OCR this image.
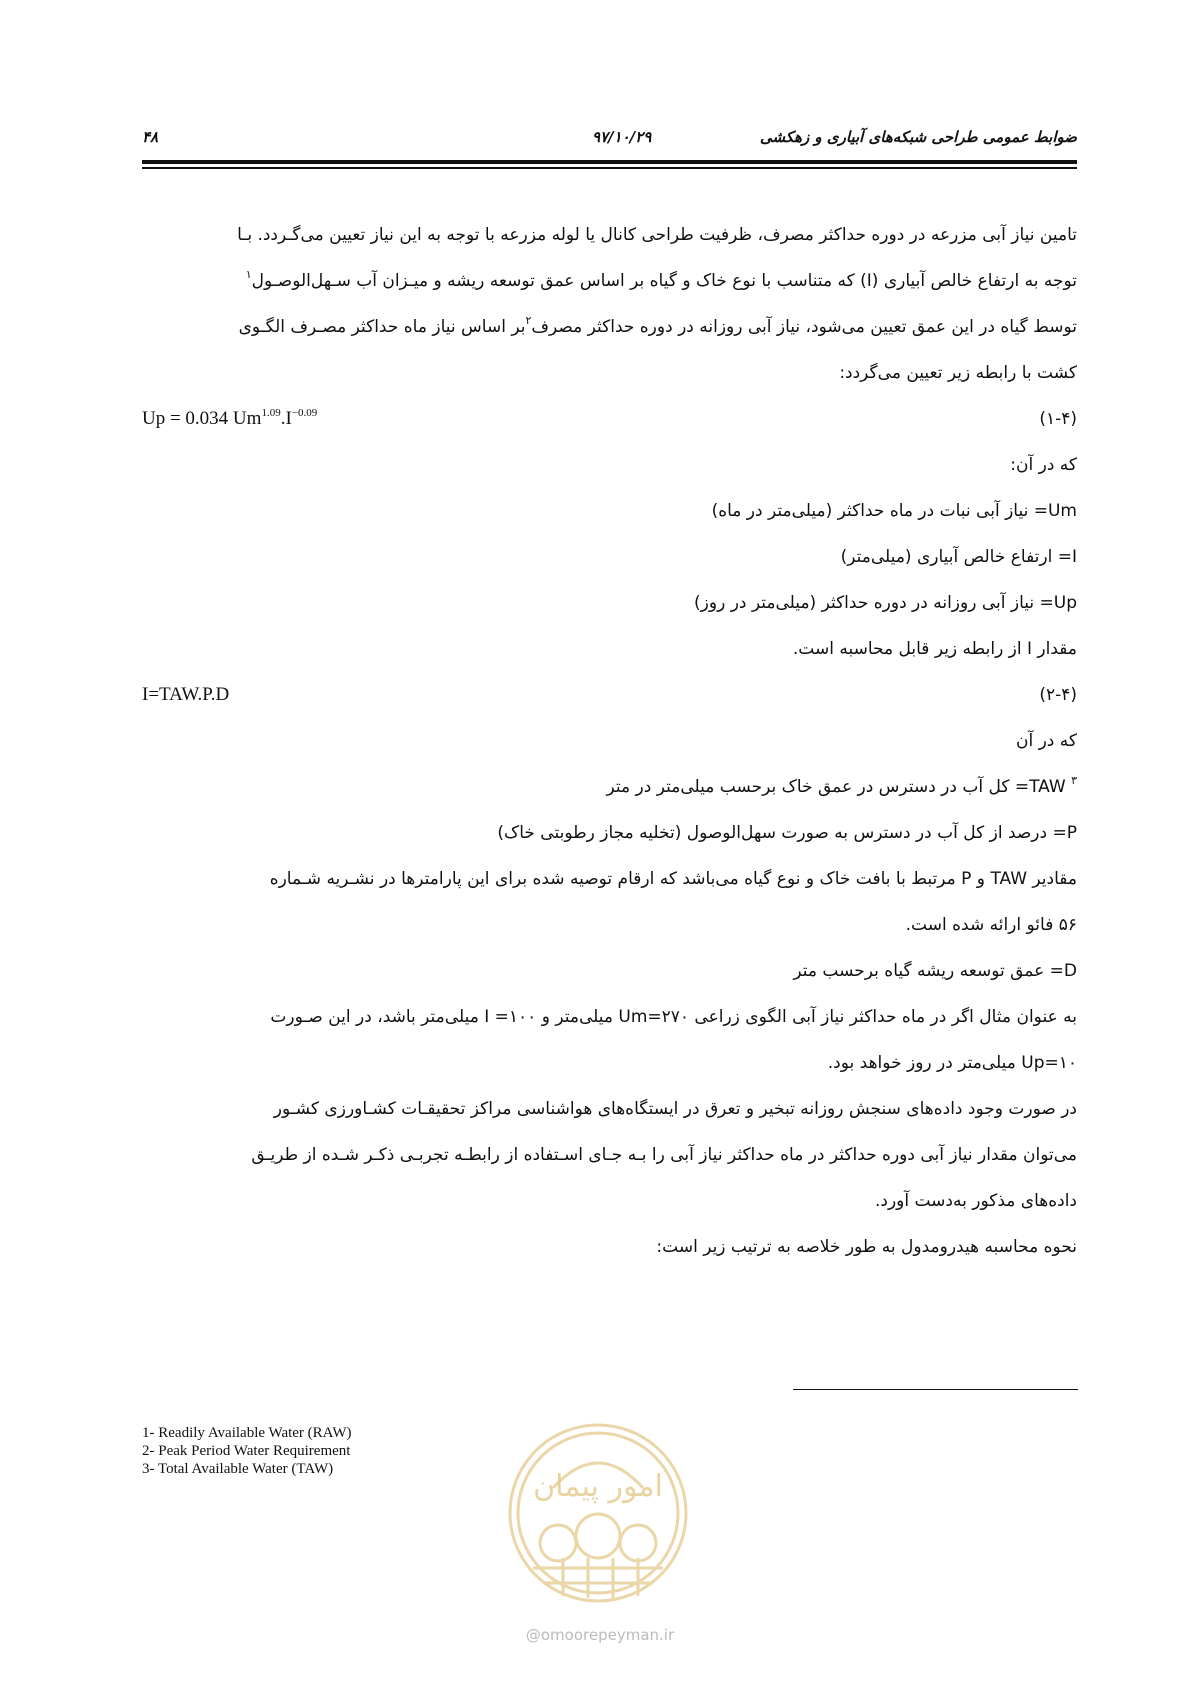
ضوابط عمومی طراحی شبکه‌های آبیاری و زهکشی
۹۷/۱۰/۲۹
۴۸
تامین نیاز آبی مزرعه در دوره حداکثر مصرف، ظرفیت طراحی کانال یا لوله مزرعه با توجه به این نیاز تعیین می‌گـردد. بـا
توجه به ارتفاع خالص آبیاری (I) که متناسب با نوع خاک و گیاه بر اساس عمق توسعه ریشه و میـزان آب سـهل‌الوصـول$^۱$
توسط گیاه در این عمق تعیین می‌شود، نیاز آبی روزانه در دوره حداکثر مصرف$^۲$بر اساس نیاز ماه حداکثر مصـرف الگـوی
کشت با رابطه زیر تعیین می‌گردد:
Up = 0.034 $Um^{1.09}.I^{-0.09}$	(۱-۴)
که در آن:
Um= نیاز آبی نبات در ماه حداکثر (میلی‌متر در ماه)
I= ارتفاع خالص آبیاری (میلی‌متر)
Up= نیاز آبی روزانه در دوره حداکثر (میلی‌متر در روز)
مقدار I از رابطه زیر قابل محاسبه است.
I=TAW.P.D	(۲-۴)
که در آن
TAW $^۳$= کل آب در دسترس در عمق خاک برحسب میلی‌متر در متر
P= درصد از کل آب در دسترس به صورت سهل‌الوصول (تخلیه مجاز رطوبتی خاک)
مقادیر TAW و P مرتبط با بافت خاک و نوع گیاه می‌باشد که ارقام توصیه شده برای این پارامترها در نشـریه شـماره
۵۶ فائو ارائه شده است.
D= عمق توسعه ریشه گیاه برحسب متر
به عنوان مثال اگر در ماه حداکثر نیاز آبی الگوی زراعی Um=۲۷۰ میلی‌متر و ۱۰۰= I میلی‌متر باشد، در این صـورت
Up=۱۰ میلی‌متر در روز خواهد بود.
در صورت وجود داده‌های سنجش روزانه تبخیر و تعرق در ایستگاه‌های هواشناسی مراکز تحقیقـات کشـاورزی کشـور
می‌توان مقدار نیاز آبی دوره حداکثر در ماه حداکثر نیاز آبی را بـه جـای اسـتفاده از رابطـه تجربـی ذکـر شـده از طریـق
داده‌های مذکور به‌دست آورد.
نحوه محاسبه هیدرومدول به طور خلاصه به ترتیب زیر است:
1- Readily Available Water (RAW)
2- Peak Period Water Requirement
3- Total Available Water (TAW)	امور پیمان
@omoorepeyman.ir
